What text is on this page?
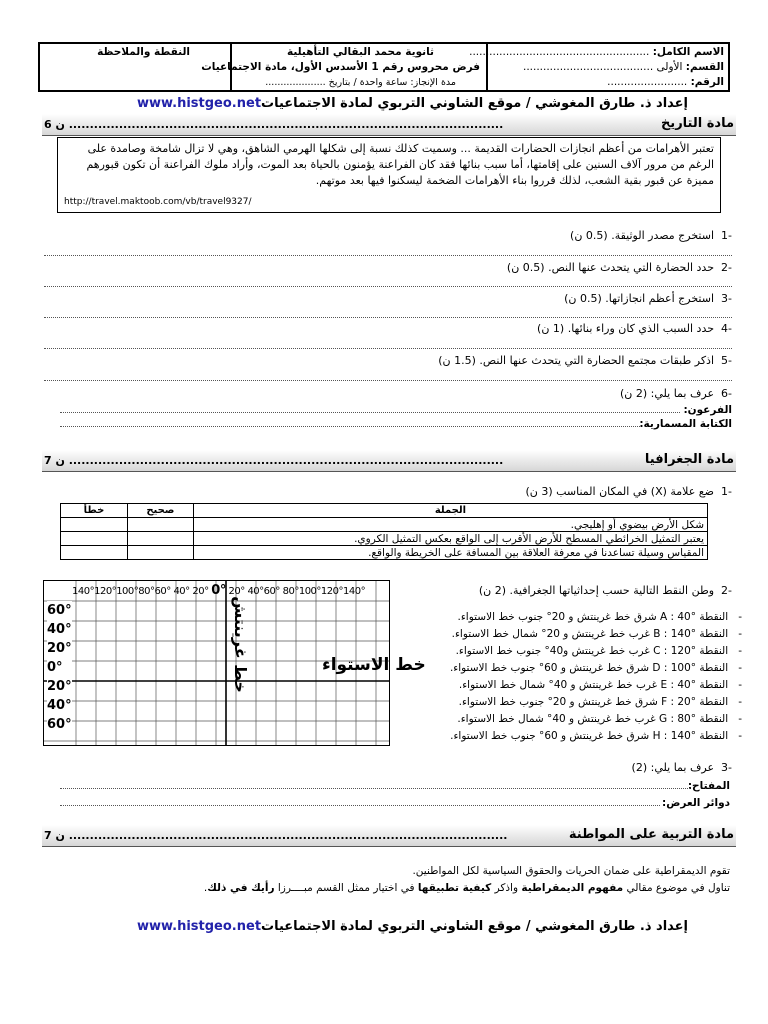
النقطة والملاحظة	ثانوية محمد البقالي التأهيلية
فرض محروس رقم 1 الأسدس الأول، مادة الاجتماعيات
مدة الإنجاز: ساعة واحدة / بتاريخ ....................
الاسم الكامل: ......................................................
القسم: الأولى .......................................
الرقم: ........................
www.histgeo.netإعداد ذ. طارق المغوشي / موقع الشاوني التربوي لمادة الاجتماعيات
مادة التاريخ
6 ن ........................................................................................................
تعتبر الأهرامات من أعظم انجازات الحضارات القديمة ... وسميت كذلك نسبة إلى شكلها الهرمي الشاهق، وهي لا تزال شامخة وصامدة على الرغم من مرور آلاف السنين على إقامتها، أما سبب بنائها فقد كان الفراعنة يؤمنون بالحياة بعد الموت، وأراد ملوك الفراعنة أن تكون قبورهم مميزة عن قبور بقية الشعب، لذلك قرروا بناء الأهرامات الضخمة ليسكنوا فيها بعد موتهم.
http://travel.maktoob.com/vb/travel9327/
-1  استخرج مصدر الوثيقة. (0.5 ن)
-2  حدد الحضارة التي يتحدث عنها النص. (0.5 ن)
-3  استخرج أعظم انجازاتها. (0.5 ن)
-4  حدد السبب الذي كان وراء بنائها. (1 ن)
-5  اذكر طبقات مجتمع الحضارة التي يتحدث عنها النص. (1.5 ن)
-6  عرف بما يلي: (2 ن)
الفرعون:
الكتابة المسمارية:
مادة الجغرافيا
7 ن ........................................................................................................
-1  ضع علامة (X) في المكان المناسب (3 ن)
الجملة	صحيح	خطأ
شكل الأرض بيضوي أو إهليجي.		
يعتبر التمثيل الخرائطي المسطح للأرض الأقرب إلى الواقع بعكس التمثيل الكروي.		
المقياس وسيلة تساعدنا في معرفة العلاقة بين المسافة على الخريطة والواقع.		
-2  وطن النقط التالية حسب إحداثياتها الجغرافية. (2 ن)
140°120°100°80°60° 40° 20° 0° 20° 40°60° 80°100°120°140°
60°
40°
20°
0°
20°
40°
60°
خط الاستواء
خط غرينتش	-   النقطة A : 40° شرق خط غرينتش و 20° جنوب خط الاستواء.
-   النقطة B : 140° غرب خط غرينتش و 20° شمال خط الاستواء.
-   النقطة C : 120° غرب خط غرينتش و40° جنوب خط الاستواء.
-   النقطة D : 100° شرق خط غرينتش و 60° جنوب خط الاستواء.
-   النقطة E : 40° غرب خط غرينتش و 40° شمال خط الاستواء.
-   النقطة F : 20° شرق خط غرينتش و 20° جنوب خط الاستواء.
-   النقطة G : 80° غرب خط غرينتش و 40° شمال خط الاستواء.
-   النقطة H : 140° شرق خط غرينتش و 60° جنوب خط الاستواء.
-3  عرف بما يلي: (2)
المفتاح:
دوائر العرض:
مادة التربية على المواطنة
7 ن .........................................................................................................
تقوم الديمقراطية على ضمان الحريات والحقوق السياسية لكل المواطنين.
تناول في موضوع مقالي مفهوم الديمقراطية واذكر كيفية تطبيقها في اختيار ممثل القسم مبــــرزا رأيك في ذلك.
www.histgeo.netإعداد ذ. طارق المغوشي / موقع الشاوني التربوي لمادة الاجتماعيات
